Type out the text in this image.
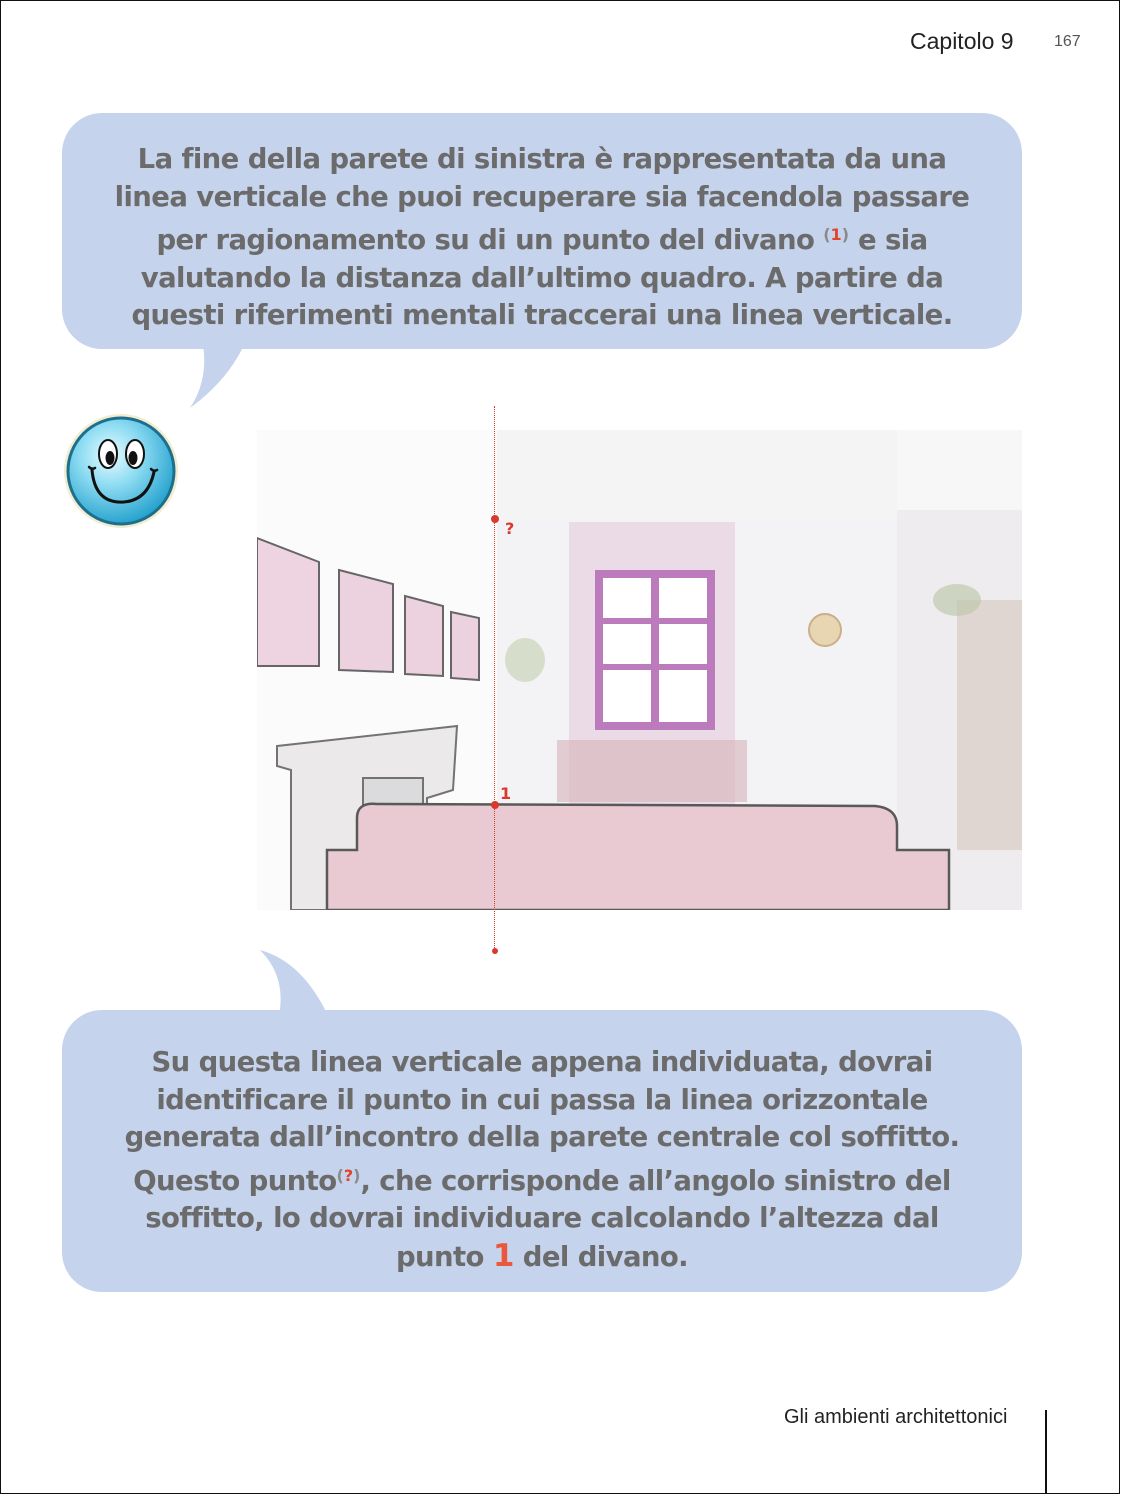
Capitolo 9	167

La fine della parete di sinistra è rappresentata da una

linea verticale che puoi recuperare sia facendola passare

per ragionamento su di un punto del divano $^{(1)}$ e sia

valutando la distanza dall’ultimo quadro. A partire da

questi riferimenti mentali traccerai una linea verticale.

?
1

Su questa linea verticale appena individuata, dovrai

identificare il punto in cui passa la linea orizzontale

generata dall’incontro della parete centrale col soffitto.

Questo punto(?), che corrisponde all’angolo sinistro del

soffitto, lo dovrai individuare calcolando l’altezza dal

punto 1 del divano.

Gli ambienti architettonici
